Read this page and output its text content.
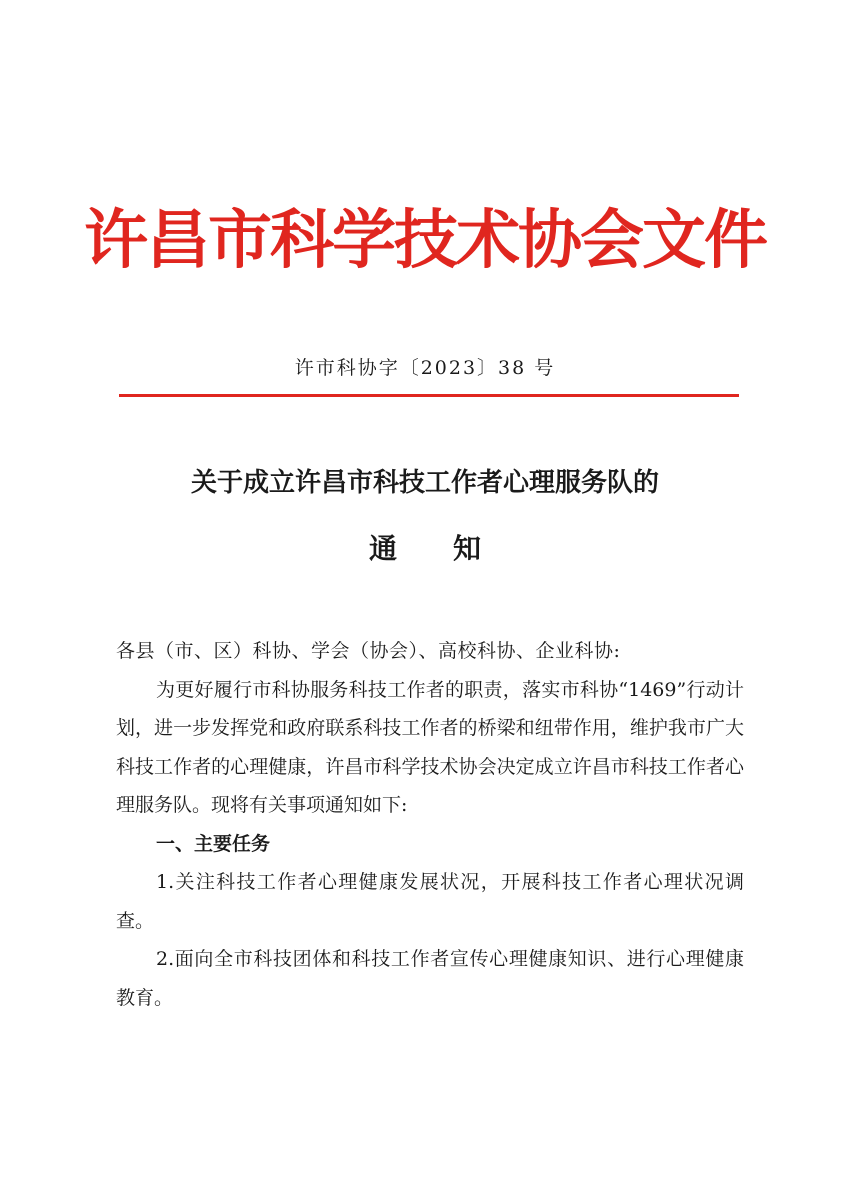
许昌市科学技术协会文件
许市科协字〔2023〕38 号
关于成立许昌市科技工作者心理服务队的
通知

各县（市、区）科协、学会（协会）、高校科协、企业科协:

为更好履行市科协服务科技工作者的职责，落实市科协“1469”行动计划，进一步发挥党和政府联系科技工作者的桥梁和纽带作用，维护我市广大科技工作者的心理健康，许昌市科学技术协会决定成立许昌市科技工作者心理服务队。现将有关事项通知如下:

一、主要任务

1.关注科技工作者心理健康发展状况，开展科技工作者心理状况调查。

2.面向全市科技团体和科技工作者宣传心理健康知识、进行心理健康教育。
